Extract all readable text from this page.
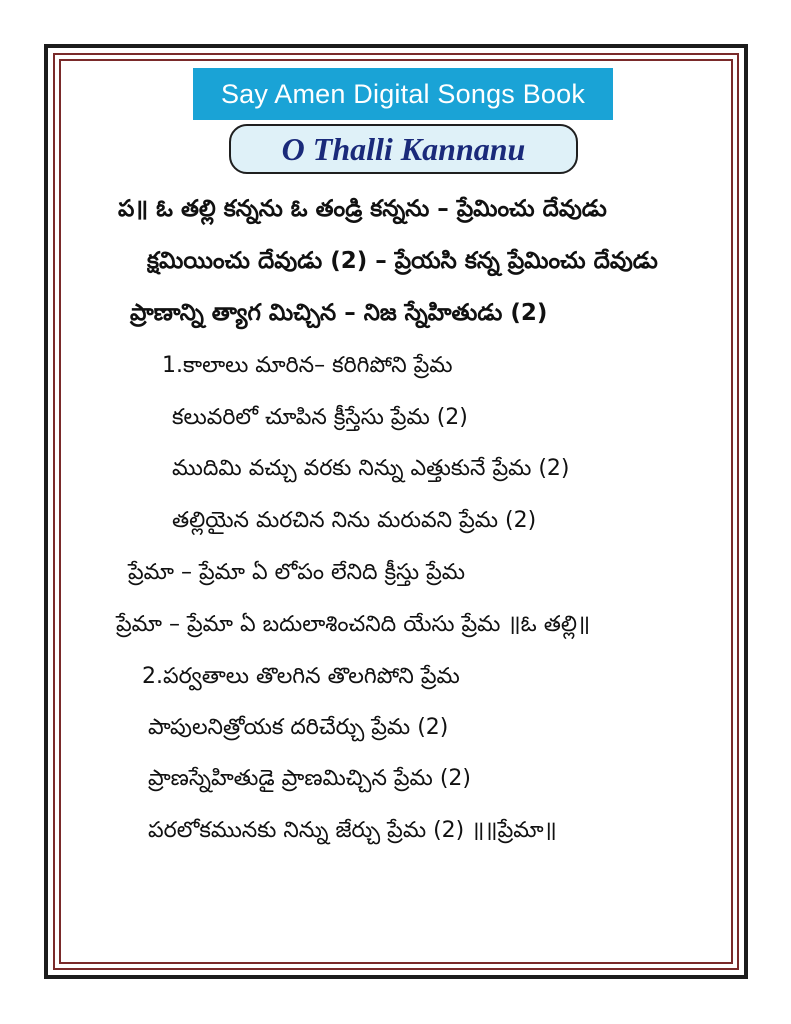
Say Amen Digital Songs Book
O Thalli Kannanu
ప॥ ఓ తల్లి కన్నను ఓ తండ్రి కన్నను – ప్రేమించు దేవుడు
క్షమియించు దేవుడు (2) – ప్రేయసి కన్న ప్రేమించు దేవుడు
ప్రాణాన్ని త్యాగ మిచ్చిన – నిజ స్నేహితుడు (2)
1.కాలాలు మారిన– కరిగిపోని ప్రేమ
కలువరిలో చూపిన క్రీస్తేసు ప్రేమ (2)
ముదిమి వచ్చు వరకు నిన్ను ఎత్తుకునే ప్రేమ (2)
తల్లియైన మరచిన నిను మరువని ప్రేమ (2)
ప్రేమా – ప్రేమా ఏ లోపం లేనిది క్రీస్తు ప్రేమ
ప్రేమా – ప్రేమా ఏ బదులాశించనిది యేసు ప్రేమ ॥ఓ తల్లి॥
2.పర్వతాలు తొలగిన తొలగిపోని ప్రేమ
పాపులనిత్రోయక దరిచేర్చు ప్రేమ (2)
ప్రాణస్నేహితుడై ప్రాణమిచ్చిన ప్రేమ (2)
పరలోకమునకు నిన్ను జేర్చు ప్రేమ (2) ॥॥ప్రేమా॥
